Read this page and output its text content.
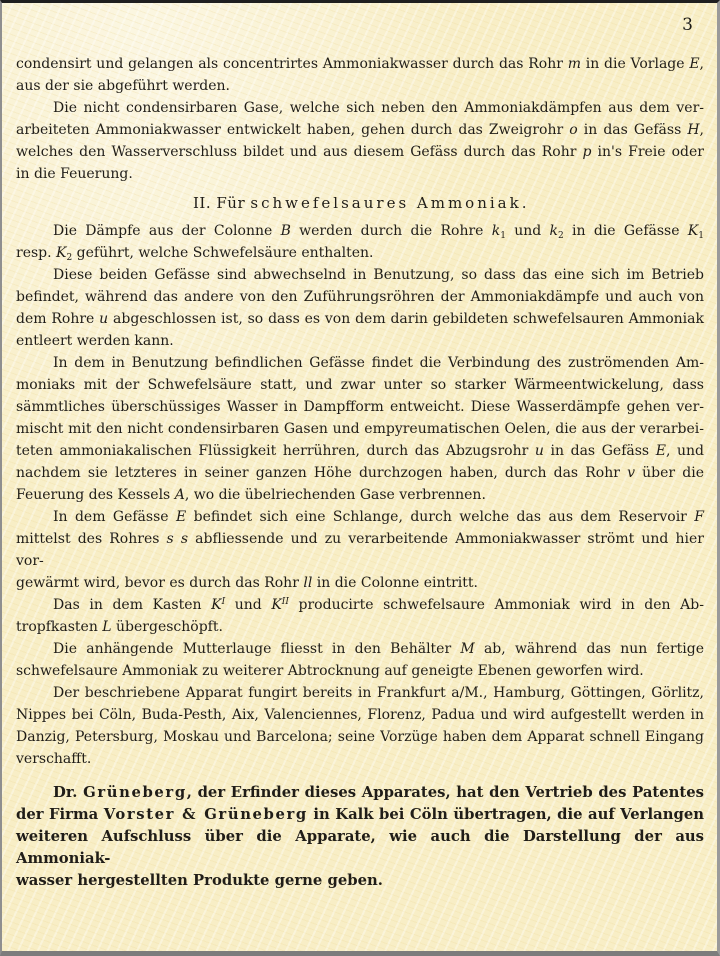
3
condensirt und gelangen als concentrirtes Ammoniakwasser durch das Rohr m in die Vorlage E,
aus der sie abgeführt werden.
Die nicht condensirbaren Gase, welche sich neben den Ammoniakdämpfen aus dem ver-
arbeiteten Ammoniakwasser entwickelt haben, gehen durch das Zweigrohr o in das Gefäss H,
welches den Wasserverschluss bildet und aus diesem Gefäss durch das Rohr p in's Freie oder
in die Feuerung.
II. Für schwefelsaures Ammoniak.
Die Dämpfe aus der Colonne B werden durch die Rohre $k_1$ und $k_2$ in die Gefässe $K_1$
resp. $K_2$ geführt, welche Schwefelsäure enthalten.
Diese beiden Gefässe sind abwechselnd in Benutzung, so dass das eine sich im Betrieb
befindet, während das andere von den Zuführungsröhren der Ammoniakdämpfe und auch von
dem Rohre u abgeschlossen ist, so dass es von dem darin gebildeten schwefelsauren Ammoniak
entleert werden kann.
In dem in Benutzung befindlichen Gefässe findet die Verbindung des zuströmenden Am-
moniaks mit der Schwefelsäure statt, und zwar unter so starker Wärmeentwickelung, dass
sämmtliches überschüssiges Wasser in Dampfform entweicht. Diese Wasserdämpfe gehen ver-
mischt mit den nicht condensirbaren Gasen und empyreumatischen Oelen, die aus der verarbei-
teten ammoniakalischen Flüssigkeit herrühren, durch das Abzugsrohr u in das Gefäss E, und
nachdem sie letzteres in seiner ganzen Höhe durchzogen haben, durch das Rohr v über die
Feuerung des Kessels A, wo die übelriechenden Gase verbrennen.
In dem Gefässe E befindet sich eine Schlange, durch welche das aus dem Reservoir F
mittelst des Rohres s s abfliessende und zu verarbeitende Ammoniakwasser strömt und hier vor-
gewärmt wird, bevor es durch das Rohr ll in die Colonne eintritt.
Das in dem Kasten $K^I$ und $K^{II}$ producirte schwefelsaure Ammoniak wird in den Ab-
tropfkasten L übergeschöpft.
Die anhängende Mutterlauge fliesst in den Behälter M ab, während das nun fertige
schwefelsaure Ammoniak zu weiterer Abtrocknung auf geneigte Ebenen geworfen wird.
Der beschriebene Apparat fungirt bereits in Frankfurt a/M., Hamburg, Göttingen, Görlitz,
Nippes bei Cöln, Buda-Pesth, Aix, Valenciennes, Florenz, Padua und wird aufgestellt werden in
Danzig, Petersburg, Moskau und Barcelona; seine Vorzüge haben dem Apparat schnell Eingang
verschafft.
Dr. Grüneberg, der Erfinder dieses Apparates, hat den Vertrieb des Patentes
der Firma Vorster & Grüneberg in Kalk bei Cöln übertragen, die auf Verlangen
weiteren Aufschluss über die Apparate, wie auch die Darstellung der aus Ammoniak-
wasser hergestellten Produkte gerne geben.
